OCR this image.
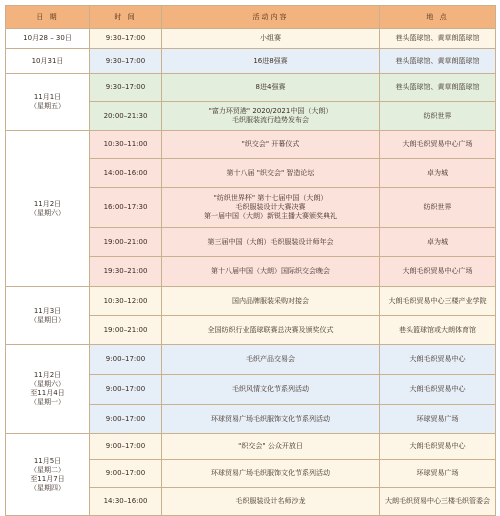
日 期	时 间	活动内容	地 点
10月28 – 30日	9:30–17:00	小组赛	巷头篮球馆、黄草朗篮球馆
10月31日	9:30–17:00	16进8强赛	巷头篮球馆、黄草朗篮球馆
11月1日
（星期五）	9:30–17:00	8进4强赛	巷头篮球馆、黄草朗篮球馆
	20:00–21:30	"富力环贸港" 2020/2021中国（大朗）
毛织服装流行趋势发布会	纺织世界
11月2日
（星期六）	10:30–11:00	"织交会" 开幕仪式	大朗毛织贸易中心广场
	14:00–16:00	第十八届 "织交会" 智造论坛	卓为城
	16:00–17:30	"纺织世界杯" 第十七届中国（大朗）
毛织服装设计大赛决赛
第一届中国（大朗）新锐主播大赛颁奖典礼	纺织世界
	19:00–21:00	第三届中国（大朗）毛织服装设计师年会	卓为城
	19:30–21:00	第十八届中国（大朗）国际织交会晚会	大朗毛织贸易中心广场
11月3日
（星期日）	10:30–12:00	国内品牌服装采购对接会	大朗毛织贸易中心三楼产业学院
	19:00–21:00	全国纺织行业篮球联赛总决赛及颁奖仪式	巷头篮球馆或大朗体育馆
11月2日
（星期六）
至11月4日
（星期一）	9:00–17:00	毛织产品交易会	大朗毛织贸易中心
	9:00–17:00	毛织风情文化节系列活动	大朗毛织贸易中心
	9:00–17:00	环球贸易广场毛织服饰文化节系列活动	环球贸易广场
11月5日
（星期二）
至11月7日
（星期四）	9:00–17:00	"织交会" 公众开放日	大朗毛织贸易中心
	9:00–17:00	环球贸易广场毛织服饰文化节系列活动	环球贸易广场
	14:30–16:00	毛织服装设计名师沙龙	大朗毛织贸易中心三楼毛织管委会
